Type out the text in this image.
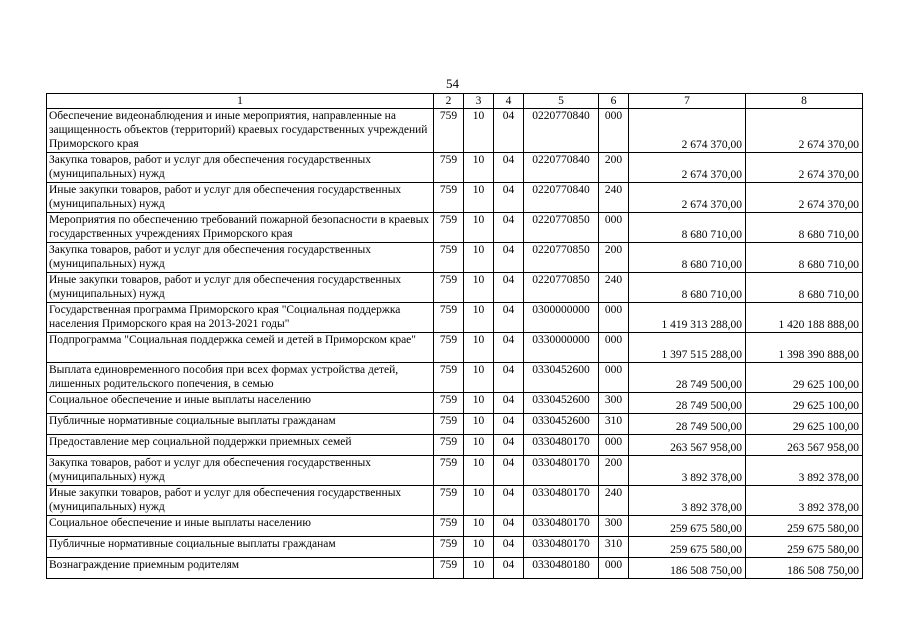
54
1	2	3	4	5	6	7	8
Обеспечение видеонаблюдения и иные мероприятия, направленные на защищенность объектов (территорий) краевых государственных учреждений Приморского края	759	10	04	0220770840	000	2 674 370,00	2 674 370,00
Закупка товаров, работ и услуг для обеспечения государственных (муниципальных) нужд	759	10	04	0220770840	200	2 674 370,00	2 674 370,00
Иные закупки товаров, работ и услуг для обеспечения государственных (муниципальных) нужд	759	10	04	0220770840	240	2 674 370,00	2 674 370,00
Мероприятия по обеспечению требований пожарной безопасности в краевых государственных учреждениях Приморского края	759	10	04	0220770850	000	8 680 710,00	8 680 710,00
Закупка товаров, работ и услуг для обеспечения государственных (муниципальных) нужд	759	10	04	0220770850	200	8 680 710,00	8 680 710,00
Иные закупки товаров, работ и услуг для обеспечения государственных (муниципальных) нужд	759	10	04	0220770850	240	8 680 710,00	8 680 710,00
Государственная программа Приморского края "Социальная поддержка населения Приморского края на 2013-2021 годы"	759	10	04	0300000000	000	1 419 313 288,00	1 420 188 888,00
Подпрограмма "Социальная поддержка семей и детей в Приморском крае"	759	10	04	0330000000	000	1 397 515 288,00	1 398 390 888,00
Выплата единовременного пособия при всех формах устройства детей, лишенных родительского попечения, в семью	759	10	04	0330452600	000	28 749 500,00	29 625 100,00
Социальное обеспечение и иные выплаты населению	759	10	04	0330452600	300	28 749 500,00	29 625 100,00
Публичные нормативные социальные выплаты гражданам	759	10	04	0330452600	310	28 749 500,00	29 625 100,00
Предоставление мер социальной поддержки приемных семей	759	10	04	0330480170	000	263 567 958,00	263 567 958,00
Закупка товаров, работ и услуг для обеспечения государственных (муниципальных) нужд	759	10	04	0330480170	200	3 892 378,00	3 892 378,00
Иные закупки товаров, работ и услуг для обеспечения государственных (муниципальных) нужд	759	10	04	0330480170	240	3 892 378,00	3 892 378,00
Социальное обеспечение и иные выплаты населению	759	10	04	0330480170	300	259 675 580,00	259 675 580,00
Публичные нормативные социальные выплаты гражданам	759	10	04	0330480170	310	259 675 580,00	259 675 580,00
Вознаграждение приемным родителям	759	10	04	0330480180	000	186 508 750,00	186 508 750,00
